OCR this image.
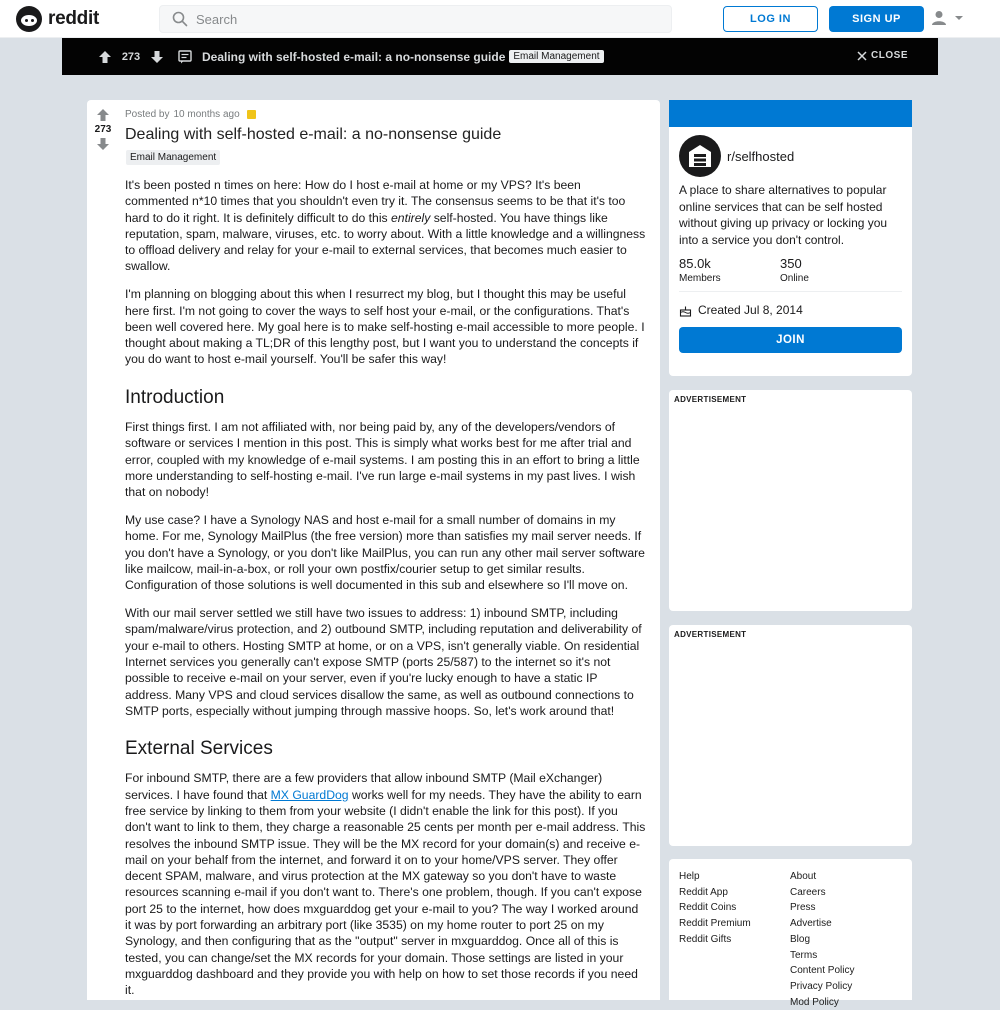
reddit
Search	LOG IN	SIGN UP
273	Dealing with self-hosted e-mail: a no-nonsense guide Email Management	CLOSE
273
Posted by 10 months ago
Dealing with self-hosted e-mail: a no-nonsense guide
Email Management

It's been posted n times on here: How do I host e-mail at home or my VPS? It's been commented n*10 times that you shouldn't even try it. The consensus seems to be that it's too hard to do it right. It is definitely difficult to do this entirely self-hosted. You have things like reputation, spam, malware, viruses, etc. to worry about. With a little knowledge and a willingness to offload delivery and relay for your e-mail to external services, that becomes much easier to swallow.

I'm planning on blogging about this when I resurrect my blog, but I thought this may be useful here first. I'm not going to cover the ways to self host your e-mail, or the configurations. That's been well covered here. My goal here is to make self-hosting e-mail accessible to more people. I thought about making a TL;DR of this lengthy post, but I want you to understand the concepts if you do want to host e-mail yourself. You'll be safer this way!

Introduction

First things first. I am not affiliated with, nor being paid by, any of the developers/vendors of software or services I mention in this post. This is simply what works best for me after trial and error, coupled with my knowledge of e-mail systems. I am posting this in an effort to bring a little more understanding to self-hosting e-mail. I've run large e-mail systems in my past lives. I wish that on nobody!

My use case? I have a Synology NAS and host e-mail for a small number of domains in my home. For me, Synology MailPlus (the free version) more than satisfies my mail server needs. If you don't have a Synology, or you don't like MailPlus, you can run any other mail server software like mailcow, mail-in-a-box, or roll your own postfix/courier setup to get similar results. Configuration of those solutions is well documented in this sub and elsewhere so I'll move on.

With our mail server settled we still have two issues to address: 1) inbound SMTP, including spam/malware/virus protection, and 2) outbound SMTP, including reputation and deliverability of your e-mail to others. Hosting SMTP at home, or on a VPS, isn't generally viable. On residential Internet services you generally can't expose SMTP (ports 25/587) to the internet so it's not possible to receive e-mail on your server, even if you're lucky enough to have a static IP address. Many VPS and cloud services disallow the same, as well as outbound connections to SMTP ports, especially without jumping through massive hoops. So, let's work around that!

External Services

For inbound SMTP, there are a few providers that allow inbound SMTP (Mail eXchanger) services. I have found that MX GuardDog works well for my needs. They have the ability to earn free service by linking to them from your website (I didn't enable the link for this post). If you don't want to link to them, they charge a reasonable 25 cents per month per e-mail address. This resolves the inbound SMTP issue. They will be the MX record for your domain(s) and receive e-mail on your behalf from the internet, and forward it on to your home/VPS server. They offer decent SPAM, malware, and virus protection at the MX gateway so you don't have to waste resources scanning e-mail if you don't want to. There's one problem, though. If you can't expose port 25 to the internet, how does mxguarddog get your e-mail to you? The way I worked around it was by port forwarding an arbitrary port (like 3535) on my home router to port 25 on my Synology, and then configuring that as the "output" server in mxguarddog. Once all of this is tested, you can change/set the MX records for your domain. Those settings are listed in your mxguarddog dashboard and they provide you with help on how to set those records if you need it.

r/selfhosted
A place to share alternatives to popular online services that can be self hosted without giving up privacy or locking you into a service you don't control.
85.0k
Members
350
Online
Created Jul 8, 2014
JOIN
ADVERTISEMENT
ADVERTISEMENT
Help
Reddit App
Reddit Coins
Reddit Premium
Reddit Gifts
About
Careers
Press
Advertise
Blog
Terms
Content Policy
Privacy Policy
Mod Policy
